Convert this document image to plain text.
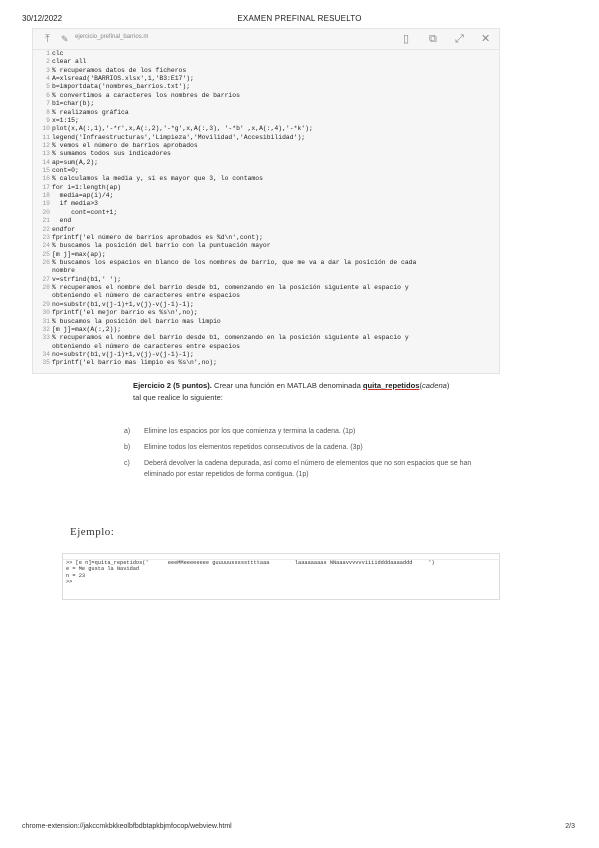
30/12/2022	EXAMEN PREFINAL RESUELTO
⤒ ✎ ejercicio_prefinal_barrios.m	▯ ⧉ ⤢ ✕
1 clc
2 clear all
3 % recuperamos datos de los ficheros
4 A=xlsread('BARRIOS.xlsx',1,'B3:E17');
5 b=importdata('nombres_barrios.txt');
6 % convertimos a caracteres los nombres de barrios
7 b1=char(b);
8 % realizamos gráfica
9 x=1:15;
10 plot(x,A(:,1),'-*r',x,A(:,2),'-*g',x,A(:,3), '-*b' ,x,A(:,4),'-*k');
11 legend('Infraestructuras','Limpieza','Movilidad','Accesibilidad');
12 % vemos el número de barrios aprobados
13 % sumamos todos sus indicadores
14 ap=sum(A,2);
15 cont=0;
16 % calculamos la media y, si es mayor que 3, lo contamos
17 for i=1:length(ap)
18  media=ap(i)/4;
19  if media>3
20     cont=cont+1;
21  end
22 endfor
23 fprintf('el número de barrios aprobados es %d\n',cont);
24 % buscamos la posición del barrio con la puntuación mayor
25 [m j]=max(ap);
26 % buscamos los espacios en blanco de los nombres de barrio, que me va a dar la posición de cada
nombre
27 v=strfind(b1,' ');
28 % recuperamos el nombre del barrio desde b1, comenzando en la posición siguiente al espacio y
obteniendo el número de caracteres entre espacios
29 no=substr(b1,v(j-1)+1,v(j)-v(j-1)-1);
30 fprintf('el mejor barrio es %s\n',no);
31 % buscamos la posición del barrio mas limpio
32 [m j]=max(A(:,2));
33 % recuperamos el nombre del barrio desde b1, comenzando en la posición siguiente al espacio y
obteniendo el número de caracteres entre espacios
34 no=substr(b1,v(j-1)+1,v(j)-v(j-1)-1);
35 fprintf('el barrio mas limpio es %s\n',no);
Ejercicio 2 (5 puntos). Crear una función en MATLAB denominada quita_repetidos(cadena)
tal que realice lo siguiente:
a) Elimine los espacios por los que comienza y termina la cadena. (1p)
b) Elimine todos los elementos repetidos consecutivos de la cadena. (3p)
c) Deberá devolver la cadena depurada, así como el número de elementos que no son espacios que se han eliminado por estar repetidos de forma contigua. (1p)
Ejemplo:
>> [e n]=quita_repetidos('      eeeMMeeeeeeee guuuuusssssttttaaa        laaaaaaaas NNaaavvvvvviiiiddddaaaaddd     ')
e = Me gusta la Navidad
n = 23
>>
chrome-extension://jakccmkbkkeolbfbdbtapkbjmfocop/webview.html	2/3
